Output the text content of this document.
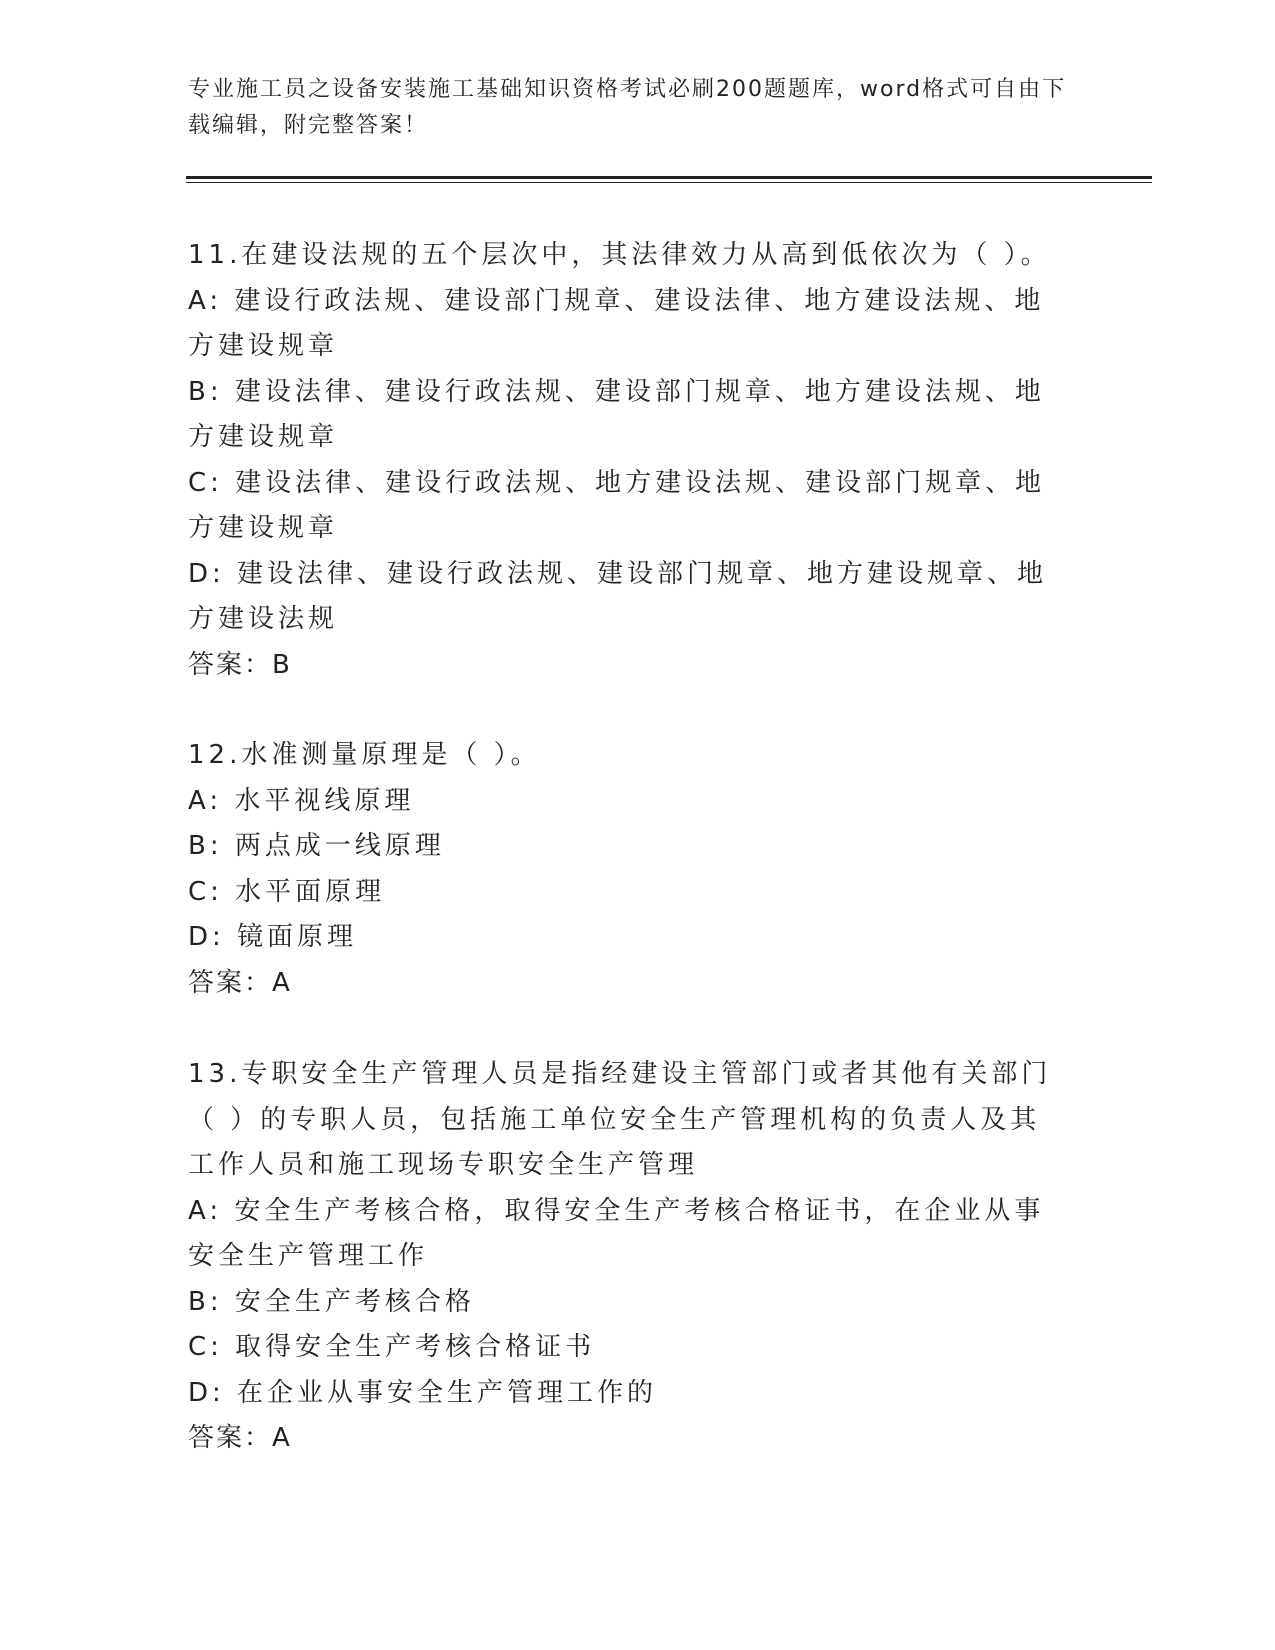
专业施工员之设备安装施工基础知识资格考试必刷200题题库，word格式可自由下载编辑，附完整答案！
11.在建设法规的五个层次中，其法律效力从高到低依次为（ ）。
A: 建设行政法规、建设部门规章、建设法律、地方建设法规、地方建设规章
B: 建设法律、建设行政法规、建设部门规章、地方建设法规、地方建设规章
C: 建设法律、建设行政法规、地方建设法规、建设部门规章、地方建设规章
D: 建设法律、建设行政法规、建设部门规章、地方建设规章、地方建设法规
答案：B
12.水准测量原理是（ ）。
A: 水平视线原理
B: 两点成一线原理
C: 水平面原理
D: 镜面原理
答案：A
13.专职安全生产管理人员是指经建设主管部门或者其他有关部门（ ）的专职人员，包括施工单位安全生产管理机构的负责人及其工作人员和施工现场专职安全生产管理
A: 安全生产考核合格，取得安全生产考核合格证书，在企业从事安全生产管理工作
B: 安全生产考核合格
C: 取得安全生产考核合格证书
D: 在企业从事安全生产管理工作的
答案：A
